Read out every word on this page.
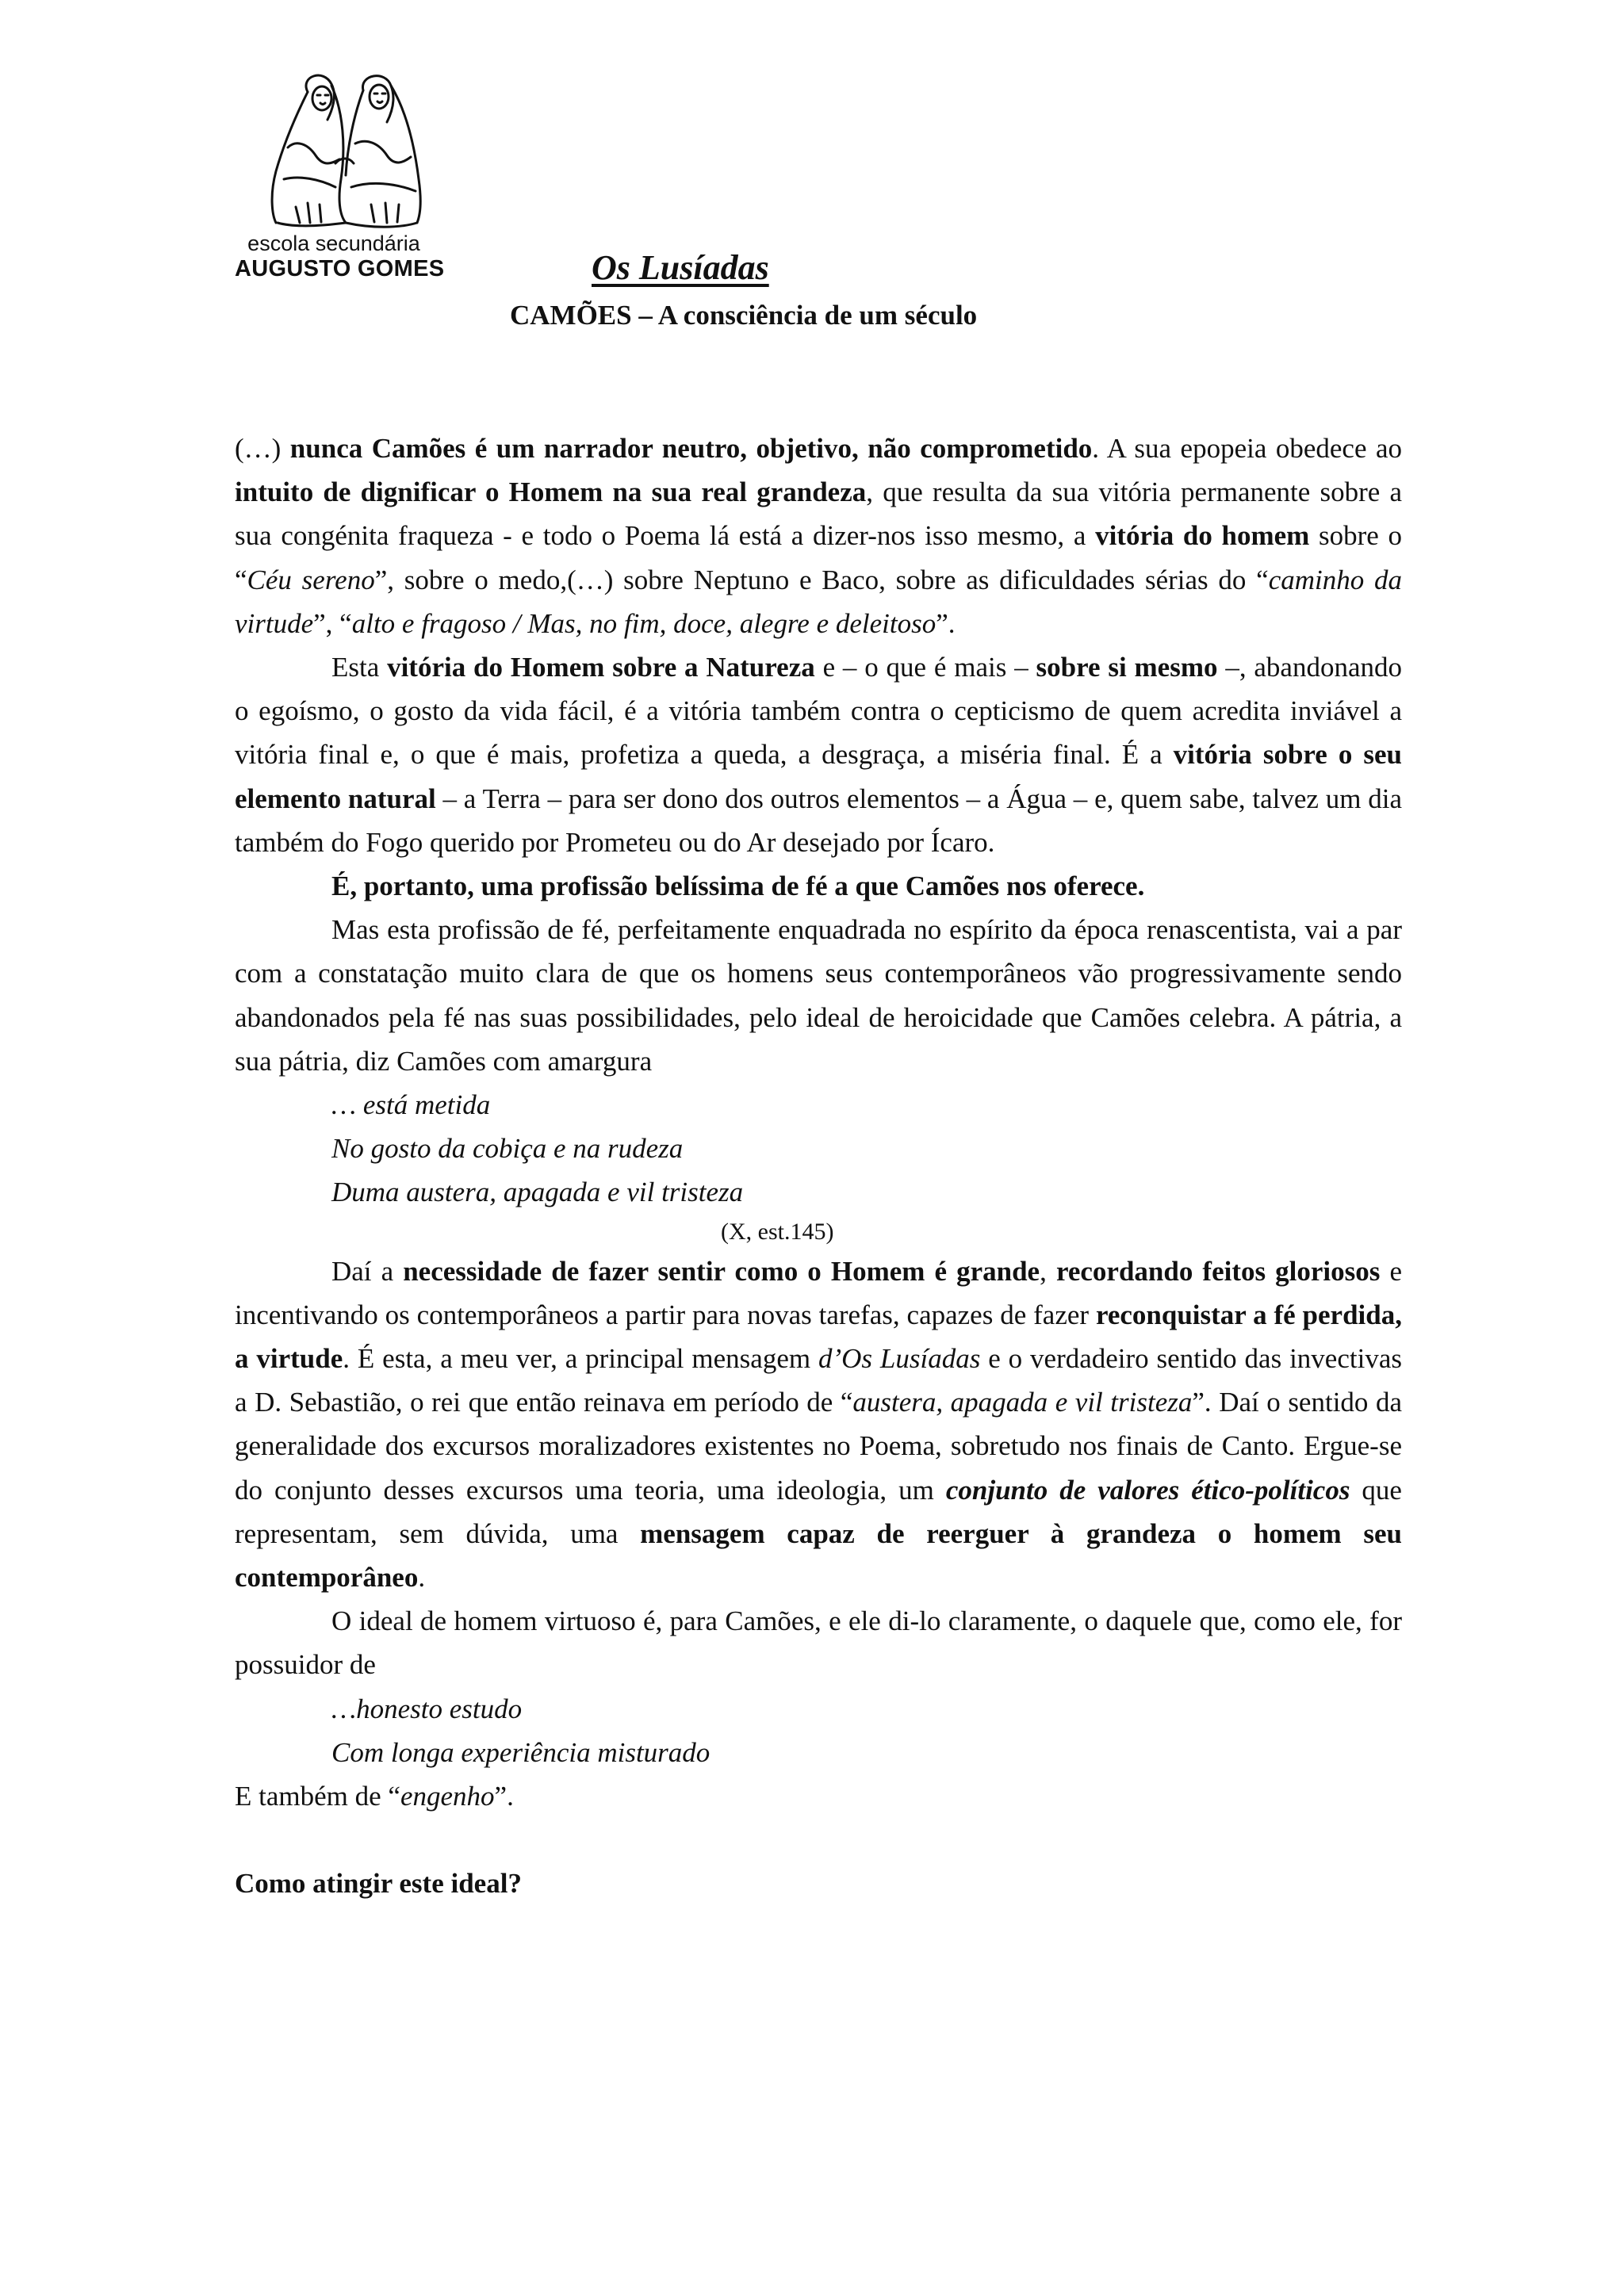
escola secundária
AUGUSTO GOMES	Os Lusíadas
CAMÕES – A consciência de um século

(…) nunca Camões é um narrador neutro, objetivo, não comprometido. A sua epopeia obedece ao intuito de dignificar o Homem na sua real grandeza, que resulta da sua vitória permanente sobre a sua congénita fraqueza - e todo o Poema lá está a dizer-nos isso mesmo, a vitória do homem sobre o “Céu sereno”, sobre o medo,(…) sobre Neptuno e Baco, sobre as dificuldades sérias do “caminho da virtude”, “alto e fragoso / Mas, no fim, doce, alegre e deleitoso”.

Esta vitória do Homem sobre a Natureza e – o que é mais – sobre si mesmo –, abandonando o egoísmo, o gosto da vida fácil, é a vitória também contra o cepticismo de quem acredita inviável a vitória final e, o que é mais, profetiza a queda, a desgraça, a miséria final. É a vitória sobre o seu elemento natural – a Terra – para ser dono dos outros elementos – a Água – e, quem sabe, talvez um dia também do Fogo querido por Prometeu ou do Ar desejado por Ícaro.

É, portanto, uma profissão belíssima de fé a que Camões nos oferece.

Mas esta profissão de fé, perfeitamente enquadrada no espírito da época renascentista, vai a par com a constatação muito clara de que os homens seus contemporâneos vão progressivamente sendo abandonados pela fé nas suas possibilidades, pelo ideal de heroicidade que Camões celebra. A pátria, a sua pátria, diz Camões com amargura

… está metida

No gosto da cobiça e na rudeza

Duma austera, apagada e vil tristeza

(X, est.145)

Daí a necessidade de fazer sentir como o Homem é grande, recordando feitos gloriosos e incentivando os contemporâneos a partir para novas tarefas, capazes de fazer reconquistar a fé perdida, a virtude. É esta, a meu ver, a principal mensagem d’Os Lusíadas e o verdadeiro sentido das invectivas a D. Sebastião, o rei que então reinava em período de “austera, apagada e vil tristeza”. Daí o sentido da generalidade dos excursos moralizadores existentes no Poema, sobretudo nos finais de Canto. Ergue-se do conjunto desses excursos uma teoria, uma ideologia, um conjunto de valores ético-políticos que representam, sem dúvida, uma mensagem capaz de reerguer à grandeza o homem seu contemporâneo.

O ideal de homem virtuoso é, para Camões, e ele di-lo claramente, o daquele que, como ele, for possuidor de

…honesto estudo

Com longa experiência misturado

E também de “engenho”.

Como atingir este ideal?
